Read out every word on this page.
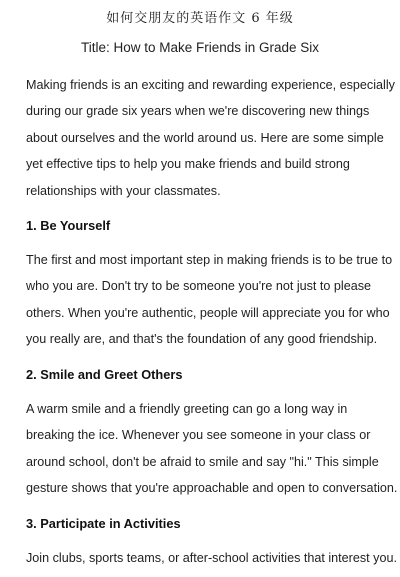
如何交朋友的英语作文 6 年级
Title: How to Make Friends in Grade Six
Making friends is an exciting and rewarding experience, especially
during our grade six years when we're discovering new things
about ourselves and the world around us. Here are some simple
yet effective tips to help you make friends and build strong
relationships with your classmates.
1. Be Yourself
The first and most important step in making friends is to be true to
who you are. Don't try to be someone you're not just to please
others. When you're authentic, people will appreciate you for who
you really are, and that's the foundation of any good friendship.
2. Smile and Greet Others
A warm smile and a friendly greeting can go a long way in
breaking the ice. Whenever you see someone in your class or
around school, don't be afraid to smile and say "hi." This simple
gesture shows that you're approachable and open to conversation.
3. Participate in Activities
Join clubs, sports teams, or after-school activities that interest you.
